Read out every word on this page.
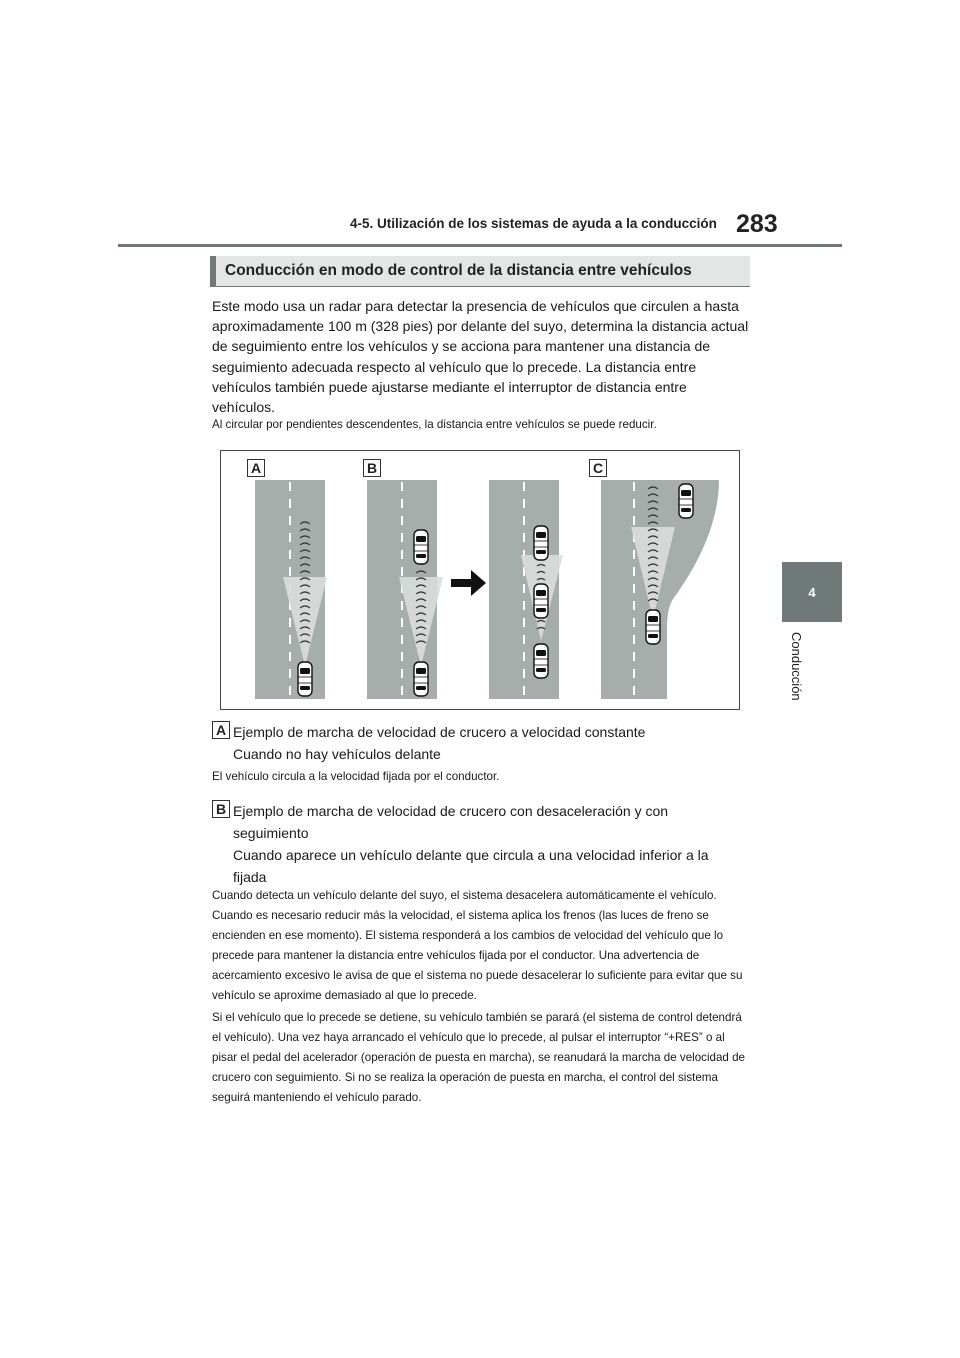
4-5. Utilización de los sistemas de ayuda a la conducción 283
4
Conducción
Conducción en modo de control de la distancia entre vehículos
Este modo usa un radar para detectar la presencia de vehículos que circulen a hasta aproximadamente 100 m (328 pies) por delante del suyo, determina la distancia actual de seguimiento entre los vehículos y se acciona para mantener una distancia de seguimiento adecuada respecto al vehículo que lo precede. La distancia entre vehículos también puede ajustarse mediante el interruptor de distancia entre vehículos.
Al circular por pendientes descendentes, la distancia entre vehículos se puede reducir.
A	B	C
A Ejemplo de marcha de velocidad de crucero a velocidad constante
Cuando no hay vehículos delante
El vehículo circula a la velocidad fijada por el conductor.
B Ejemplo de marcha de velocidad de crucero con desaceleración y con seguimiento
Cuando aparece un vehículo delante que circula a una velocidad inferior a la fijada

Cuando detecta un vehículo delante del suyo, el sistema desacelera automáticamente el vehículo. Cuando es necesario reducir más la velocidad, el sistema aplica los frenos (las luces de freno se encienden en ese momento). El sistema responderá a los cambios de velocidad del vehículo que lo precede para mantener la distancia entre vehículos fijada por el conductor. Una advertencia de acercamiento excesivo le avisa de que el sistema no puede desacelerar lo suficiente para evitar que su vehículo se aproxime demasiado al que lo precede.

Si el vehículo que lo precede se detiene, su vehículo también se parará (el sistema de control detendrá el vehículo). Una vez haya arrancado el vehículo que lo precede, al pulsar el interruptor “+RES” o al pisar el pedal del acelerador (operación de puesta en marcha), se reanudará la marcha de velocidad de crucero con seguimiento. Si no se realiza la operación de puesta en marcha, el control del sistema seguirá manteniendo el vehículo parado.
